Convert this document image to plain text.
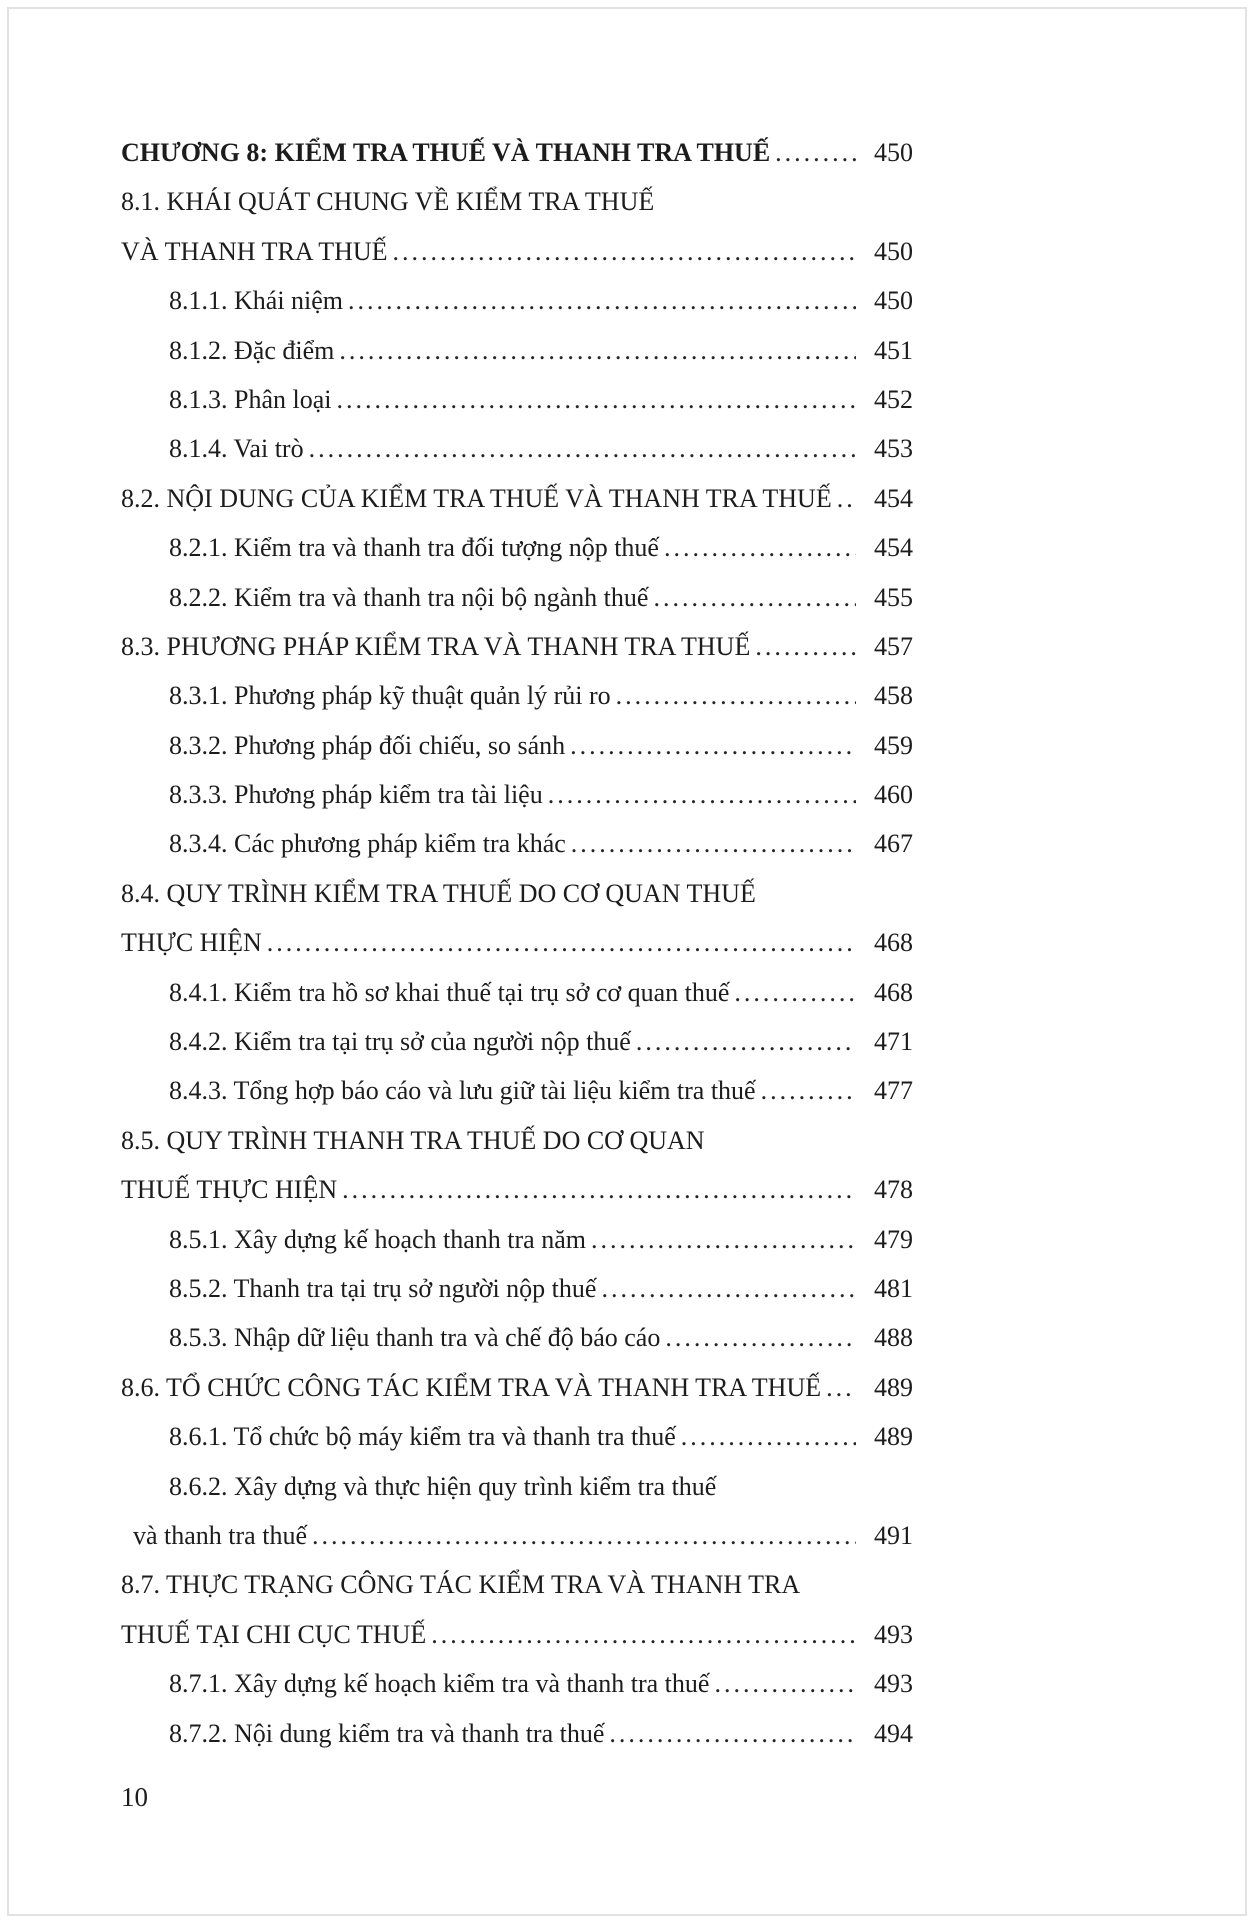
CHƯƠNG 8: KIỂM TRA THUẾ VÀ THANH TRA THUẾ .....	450
8.1. KHÁI QUÁT CHUNG VỀ KIỂM TRA THUẾ
VÀ THANH TRA THUẾ .....	450
8.1.1. Khái niệm .....	450
8.1.2. Đặc điểm .....	451
8.1.3. Phân loại .....	452
8.1.4. Vai trò .....	453
8.2. NỘI DUNG CỦA KIỂM TRA THUẾ VÀ THANH TRA THUẾ .....	454
8.2.1. Kiểm tra và thanh tra đối tượng nộp thuế .....	454
8.2.2. Kiểm tra và thanh tra nội bộ ngành thuế .....	455
8.3. PHƯƠNG PHÁP KIỂM TRA VÀ THANH TRA THUẾ .....	457
8.3.1. Phương pháp kỹ thuật quản lý rủi ro .....	458
8.3.2. Phương pháp đối chiếu, so sánh .....	459
8.3.3. Phương pháp kiểm tra tài liệu .....	460
8.3.4. Các phương pháp kiểm tra khác .....	467
8.4. QUY TRÌNH KIỂM TRA THUẾ DO CƠ QUAN THUẾ
THỰC HIỆN .....	468
8.4.1. Kiểm tra hồ sơ khai thuế tại trụ sở cơ quan thuế .....	468
8.4.2. Kiểm tra tại trụ sở của người nộp thuế .....	471
8.4.3. Tổng hợp báo cáo và lưu giữ tài liệu kiểm tra thuế .....	477
8.5. QUY TRÌNH THANH TRA THUẾ DO CƠ QUAN
THUẾ THỰC HIỆN .....	478
8.5.1. Xây dựng kế hoạch thanh tra năm .....	479
8.5.2. Thanh tra tại trụ sở người nộp thuế .....	481
8.5.3. Nhập dữ liệu thanh tra và chế độ báo cáo .....	488
8.6. TỔ CHỨC CÔNG TÁC KIỂM TRA VÀ THANH TRA THUẾ .....	489
8.6.1. Tổ chức bộ máy kiểm tra và thanh tra thuế .....	489
8.6.2. Xây dựng và thực hiện quy trình kiểm tra thuế
và thanh tra thuế .....	491
8.7. THỰC TRẠNG CÔNG TÁC KIỂM TRA VÀ THANH TRA
THUẾ TẠI CHI CỤC THUẾ .....	493
8.7.1. Xây dựng kế hoạch kiểm tra và thanh tra thuế .....	493
8.7.2. Nội dung kiểm tra và thanh tra thuế .....	494
10
